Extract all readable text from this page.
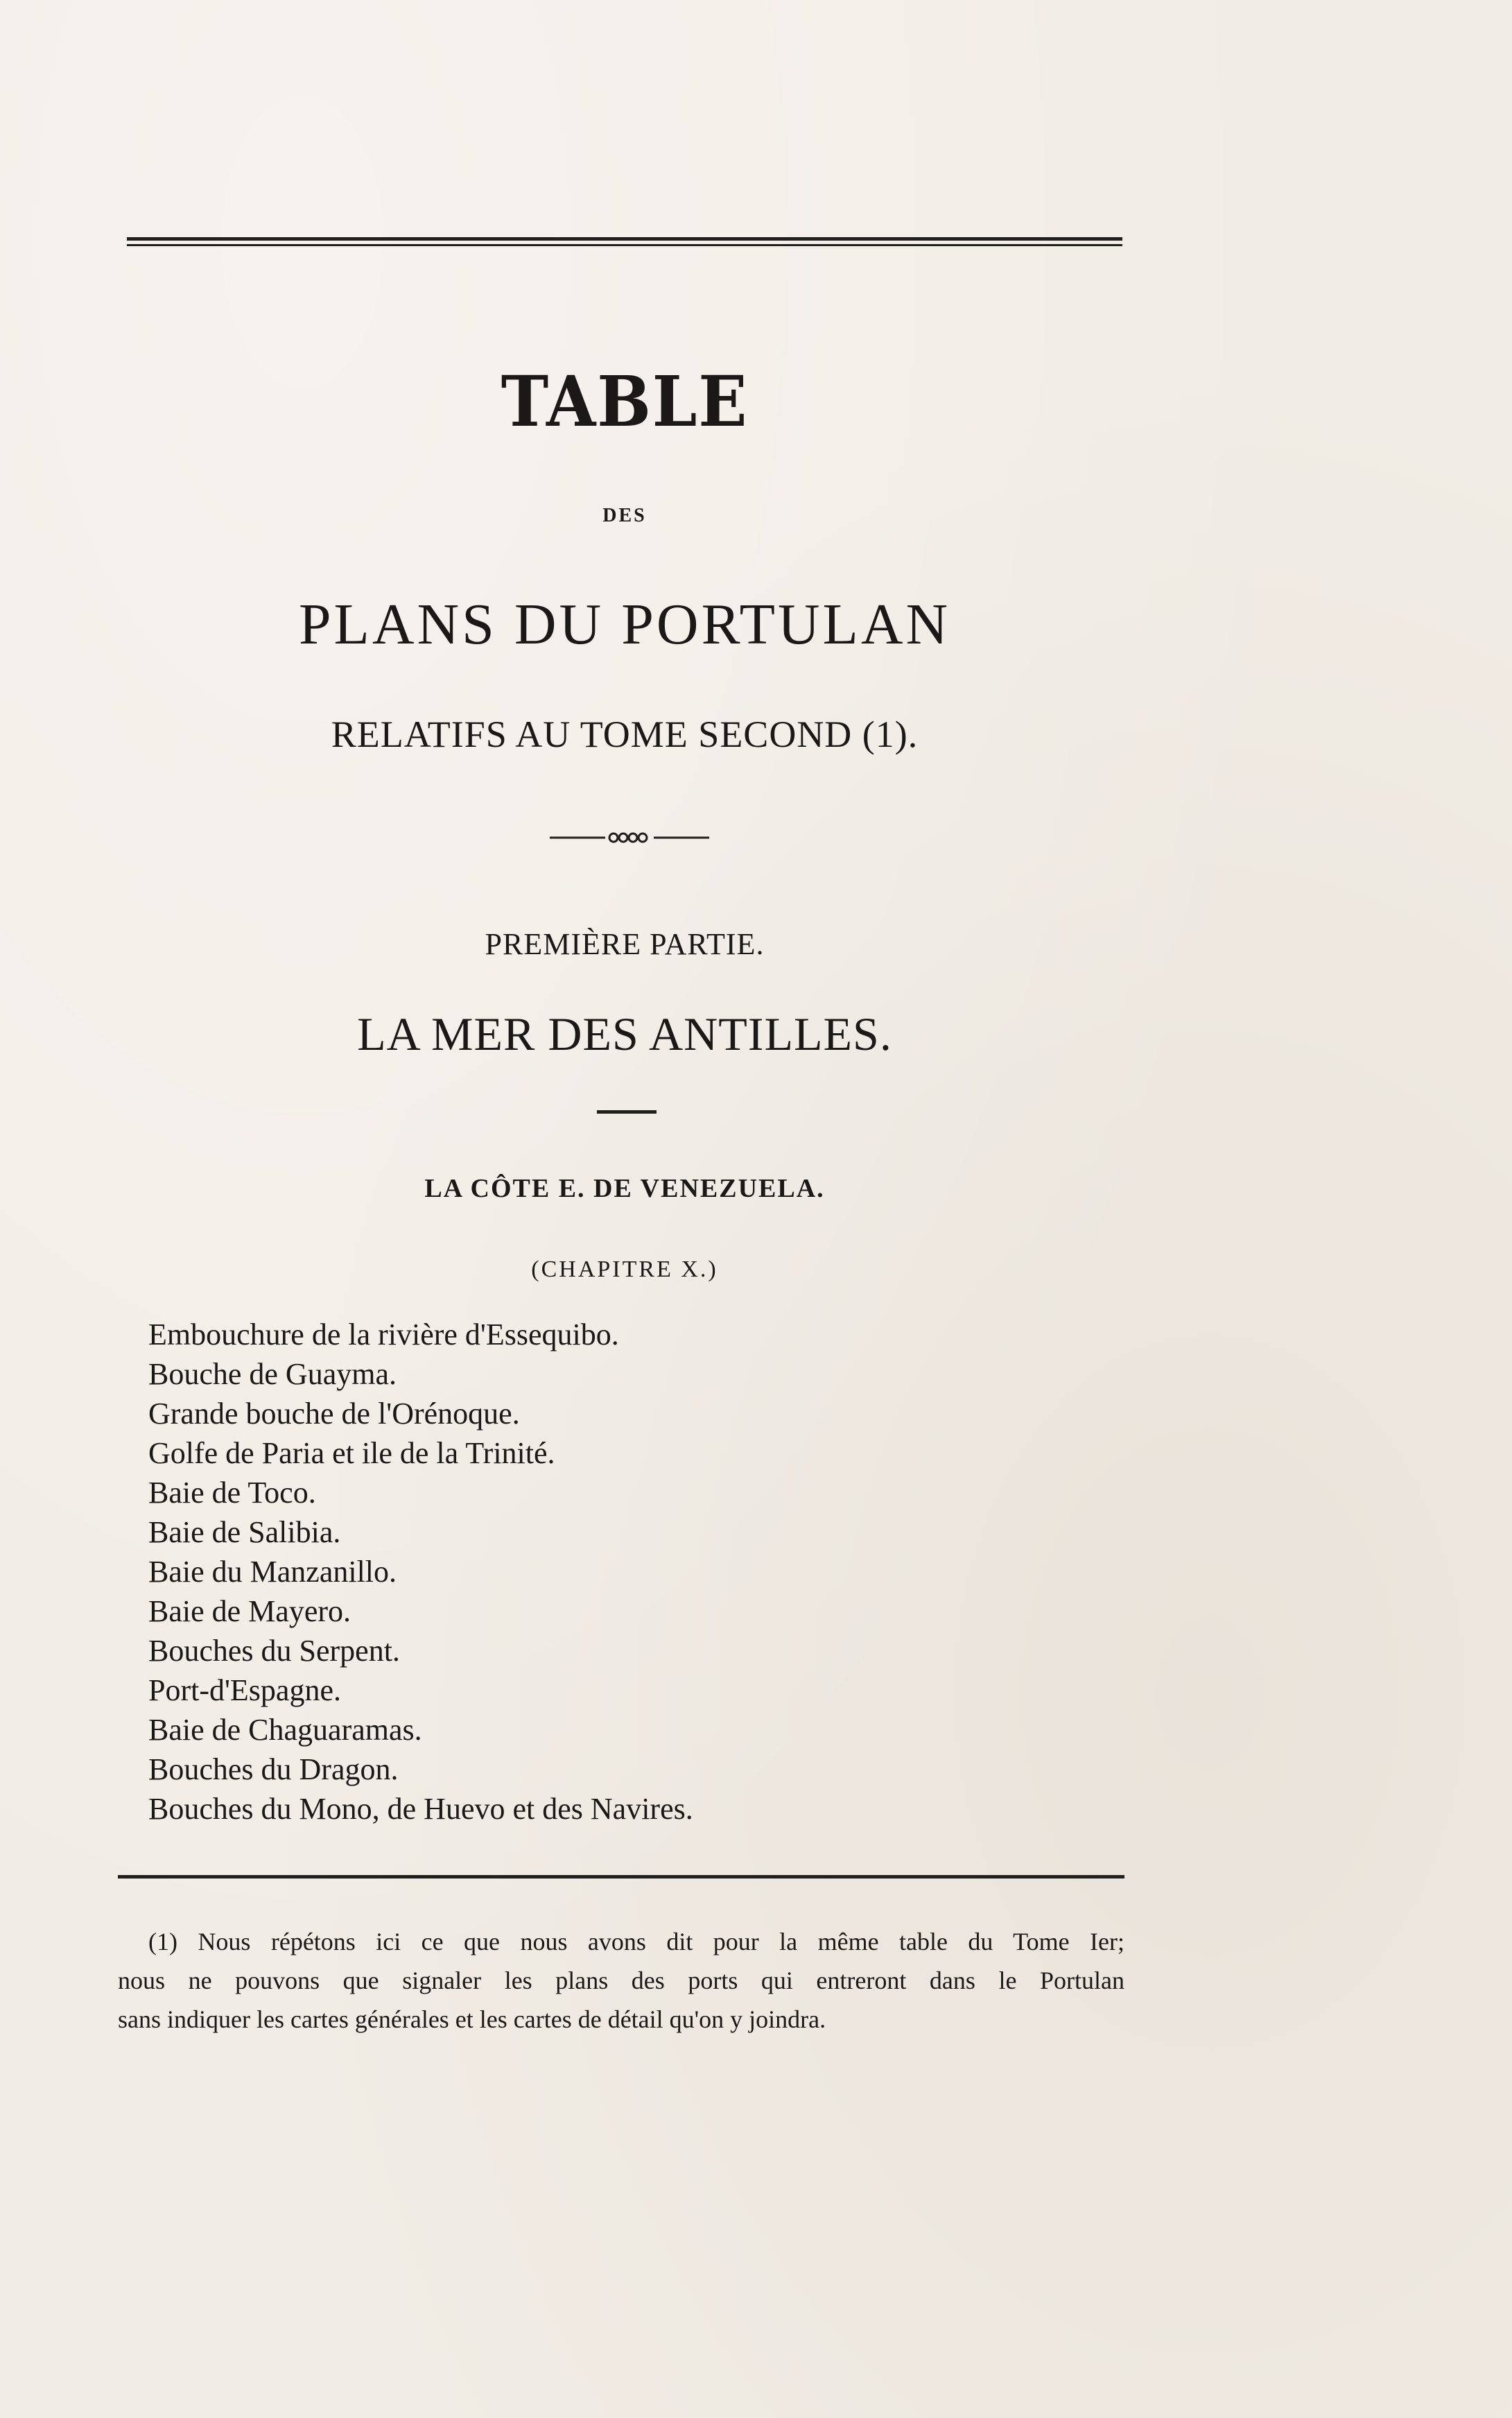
TABLE
DES
PLANS DU PORTULAN
RELATIFS AU TOME SECOND (1).
PREMIÈRE PARTIE.
LA MER DES ANTILLES.
LA CÔTE E. DE VENEZUELA.
(CHAPITRE X.)
Embouchure de la rivière d'Essequibo.
Bouche de Guayma.
Grande bouche de l'Orénoque.
Golfe de Paria et ile de la Trinité.
Baie de Toco.
Baie de Salibia.
Baie du Manzanillo.
Baie de Mayero.
Bouches du Serpent.
Port-d'Espagne.
Baie de Chaguaramas.
Bouches du Dragon.
Bouches du Mono, de Huevo et des Navires.
(1) Nous répétons ici ce que nous avons dit pour la même table du Tome Ier;
nous ne pouvons que signaler les plans des ports qui entreront dans le Portulan
sans indiquer les cartes générales et les cartes de détail qu'on y joindra.
